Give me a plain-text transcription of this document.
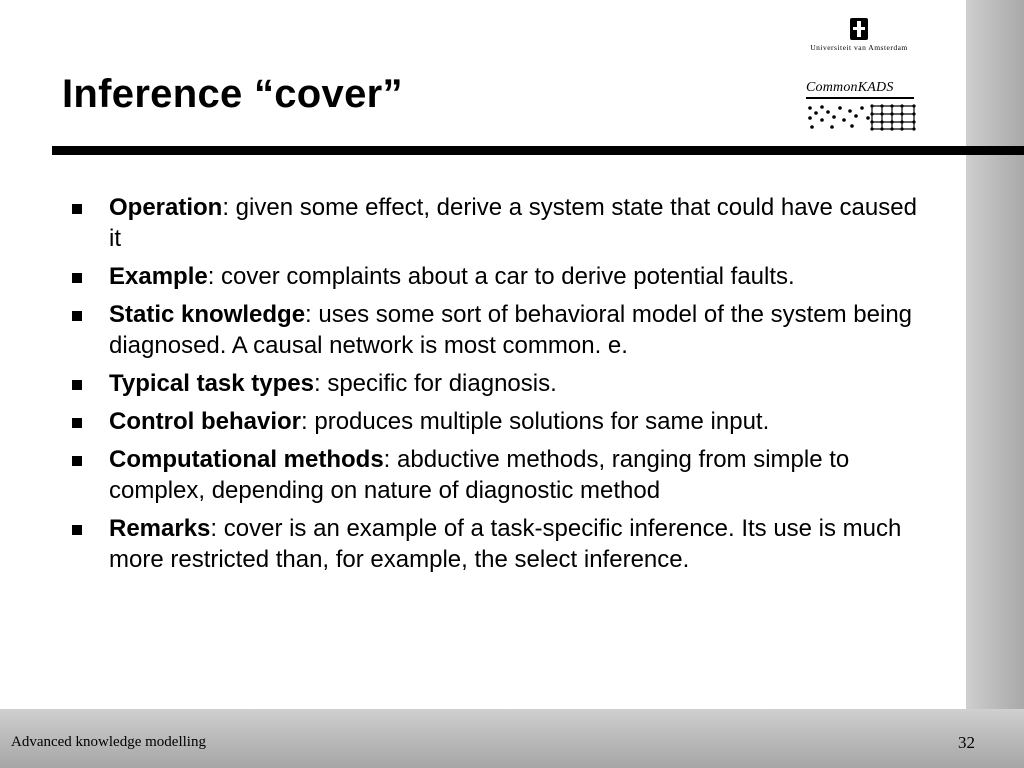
Inference “cover”
Universiteit van Amsterdam
CommonKADS
Operation: given some effect, derive a system state that could have caused it
Example: cover complaints about a car to derive potential faults.
Static knowledge: uses some sort of behavioral model of the system being diagnosed. A causal network is most common. e.
Typical task types: specific for diagnosis.
Control behavior: produces multiple solutions for same input.
Computational methods: abductive methods, ranging from simple to complex, depending on nature of diagnostic method
Remarks: cover is an example of a task-specific inference. Its use is much more restricted than, for example, the select inference.
Advanced knowledge modelling	32
